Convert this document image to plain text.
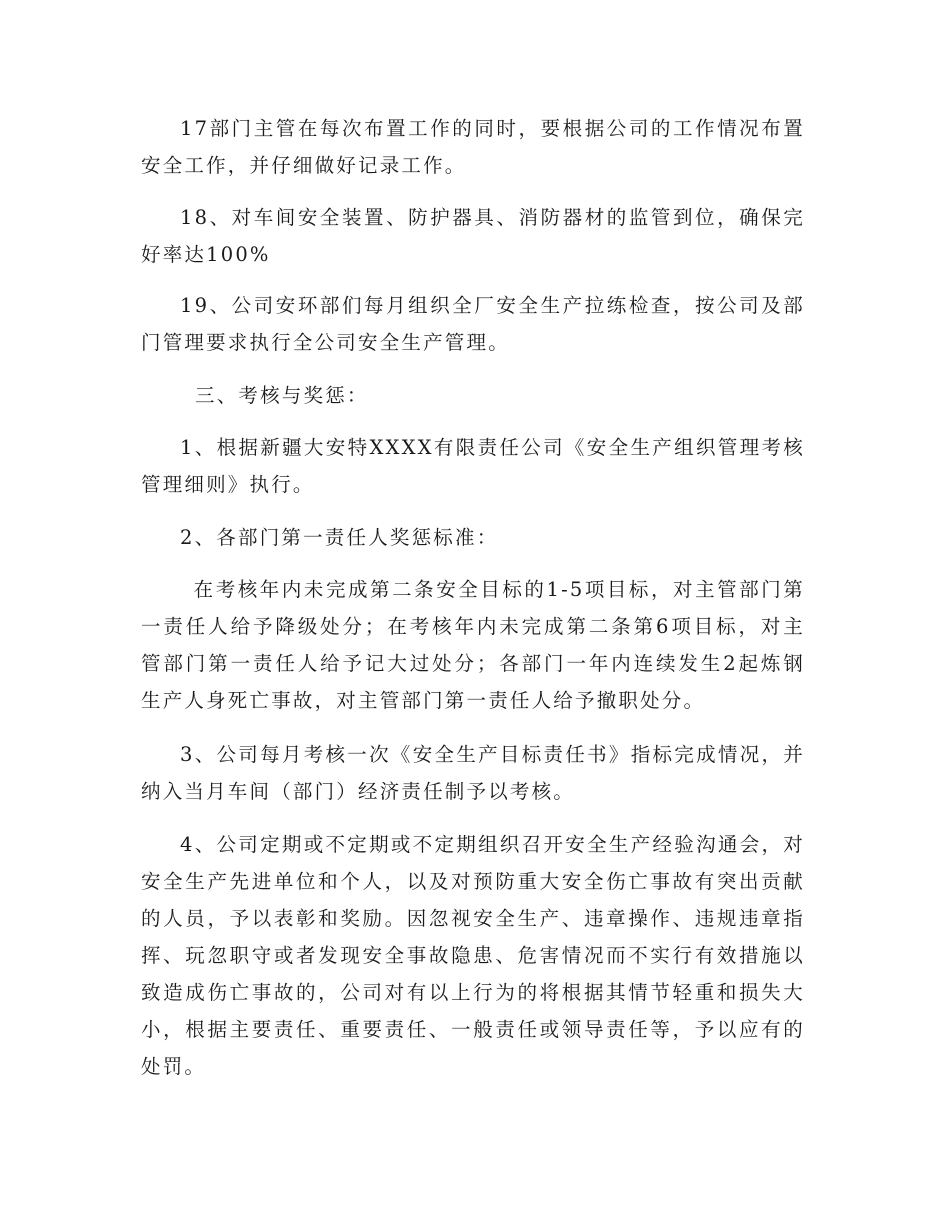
17部门主管在每次布置工作的同时，要根据公司的工作情况布置安全工作，并仔细做好记录工作。

18、对车间安全装置、防护器具、消防器材的监管到位，确保完好率达100%

19、公司安环部们每月组织全厂安全生产拉练检查，按公司及部门管理要求执行全公司安全生产管理。

三、考核与奖惩：

1、根据新疆大安特XXXX有限责任公司《安全生产组织管理考核管理细则》执行。

2、各部门第一责任人奖惩标准：

在考核年内未完成第二条安全目标的1-5项目标，对主管部门第一责任人给予降级处分；在考核年内未完成第二条第6项目标，对主管部门第一责任人给予记大过处分；各部门一年内连续发生2起炼钢生产人身死亡事故，对主管部门第一责任人给予撤职处分。

3、公司每月考核一次《安全生产目标责任书》指标完成情况，并纳入当月车间（部门）经济责任制予以考核。

4、公司定期或不定期或不定期组织召开安全生产经验沟通会，对安全生产先进单位和个人，以及对预防重大安全伤亡事故有突出贡献的人员，予以表彰和奖励。因忽视安全生产、违章操作、违规违章指挥、玩忽职守或者发现安全事故隐患、危害情况而不实行有效措施以致造成伤亡事故的，公司对有以上行为的将根据其情节轻重和损失大小，根据主要责任、重要责任、一般责任或领导责任等，予以应有的处罚。
